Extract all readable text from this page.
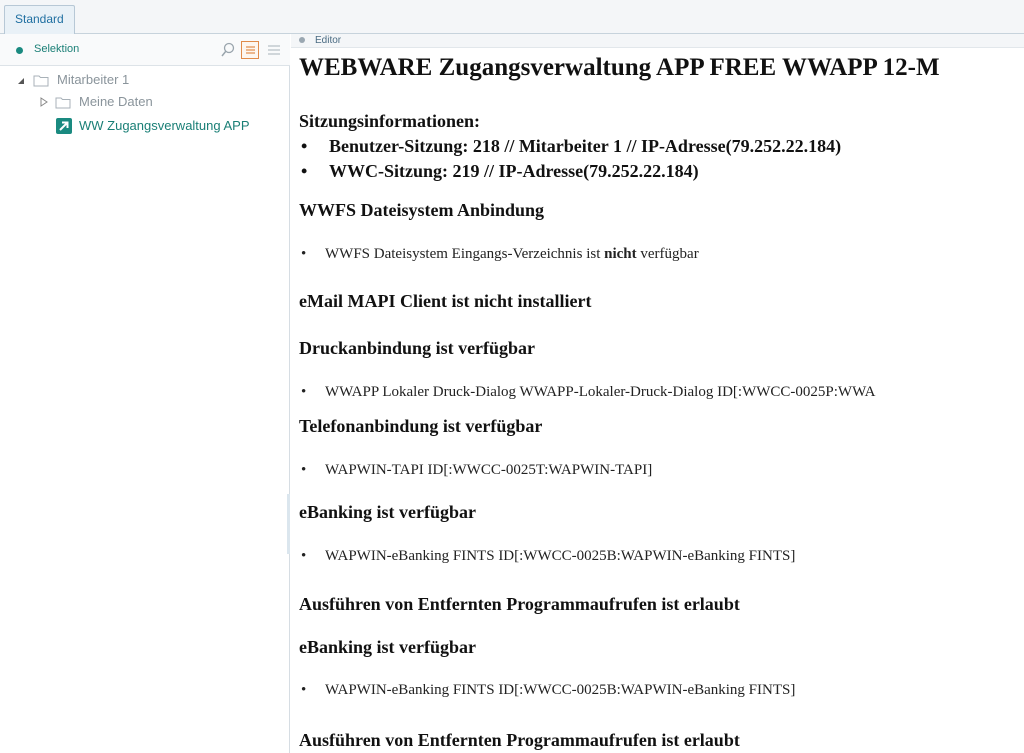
Standard
Selektion
Mitarbeiter 1
Meine Daten
WW Zugangsverwaltung APP
Editor
WEBWARE Zugangsverwaltung APP FREE WWAPP 12-M
Sitzungsinformationen:
• Benutzer-Sitzung: 218 // Mitarbeiter 1 // IP-Adresse(79.252.22.184)
• WWC-Sitzung: 219 // IP-Adresse(79.252.22.184)
WWFS Dateisystem Anbindung
• WWFS Dateisystem Eingangs-Verzeichnis ist nicht verfügbar
eMail MAPI Client ist nicht installiert
Druckanbindung ist verfügbar
• WWAPP Lokaler Druck-Dialog WWAPP-Lokaler-Druck-Dialog ID[:WWCC-0025P:WWA
Telefonanbindung ist verfügbar
• WAPWIN-TAPI ID[:WWCC-0025T:WAPWIN-TAPI]
eBanking ist verfügbar
• WAPWIN-eBanking FINTS ID[:WWCC-0025B:WAPWIN-eBanking FINTS]
Ausführen von Entfernten Programmaufrufen ist erlaubt
eBanking ist verfügbar
• WAPWIN-eBanking FINTS ID[:WWCC-0025B:WAPWIN-eBanking FINTS]
Ausführen von Entfernten Programmaufrufen ist erlaubt
